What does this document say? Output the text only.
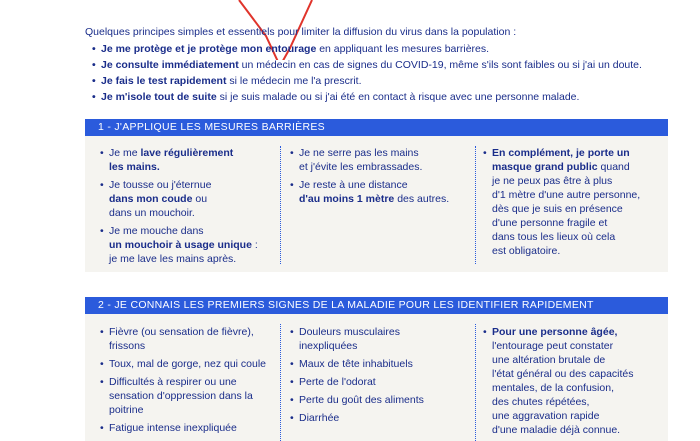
Quelques principes simples et essentiels pour limiter la diffusion du virus dans la population :
• Je me protège et je protège mon entourage en appliquant les mesures barrières.
• Je consulte immédiatement un médecin en cas de signes du COVID-19, même s'ils sont faibles ou si j'ai un doute.
• Je fais le test rapidement si le médecin me l'a prescrit.
• Je m'isole tout de suite si je suis malade ou si j'ai été en contact à risque avec une personne malade.
1 - J'APPLIQUE LES MESURES BARRIÈRES
• Je me lave régulièrement
les mains.
• Je tousse ou j'éternue
dans mon coude ou
dans un mouchoir.
• Je me mouche dans
un mouchoir à usage unique :
je me lave les mains après.
• Je ne serre pas les mains
et j'évite les embrassades.
• Je reste à une distance
d'au moins 1 mètre des autres.
• En complément, je porte un
masque grand public quand
je ne peux pas être à plus
d'1 mètre d'une autre personne,
dès que je suis en présence
d'une personne fragile et
dans tous les lieux où cela
est obligatoire.
2 - JE CONNAIS LES PREMIERS SIGNES DE LA MALADIE POUR LES IDENTIFIER RAPIDEMENT
• Fièvre (ou sensation de fièvre),
frissons
• Toux, mal de gorge, nez qui coule
• Difficultés à respirer ou une
sensation d'oppression dans la
poitrine
• Fatigue intense inexpliquée
• Douleurs musculaires
inexpliquées
• Maux de tête inhabituels
• Perte de l'odorat
• Perte du goût des aliments
• Diarrhée
• Pour une personne âgée,
l'entourage peut constater
une altération brutale de
l'état général ou des capacités
mentales, de la confusion,
des chutes répétées,
une aggravation rapide
d'une maladie déjà connue.
